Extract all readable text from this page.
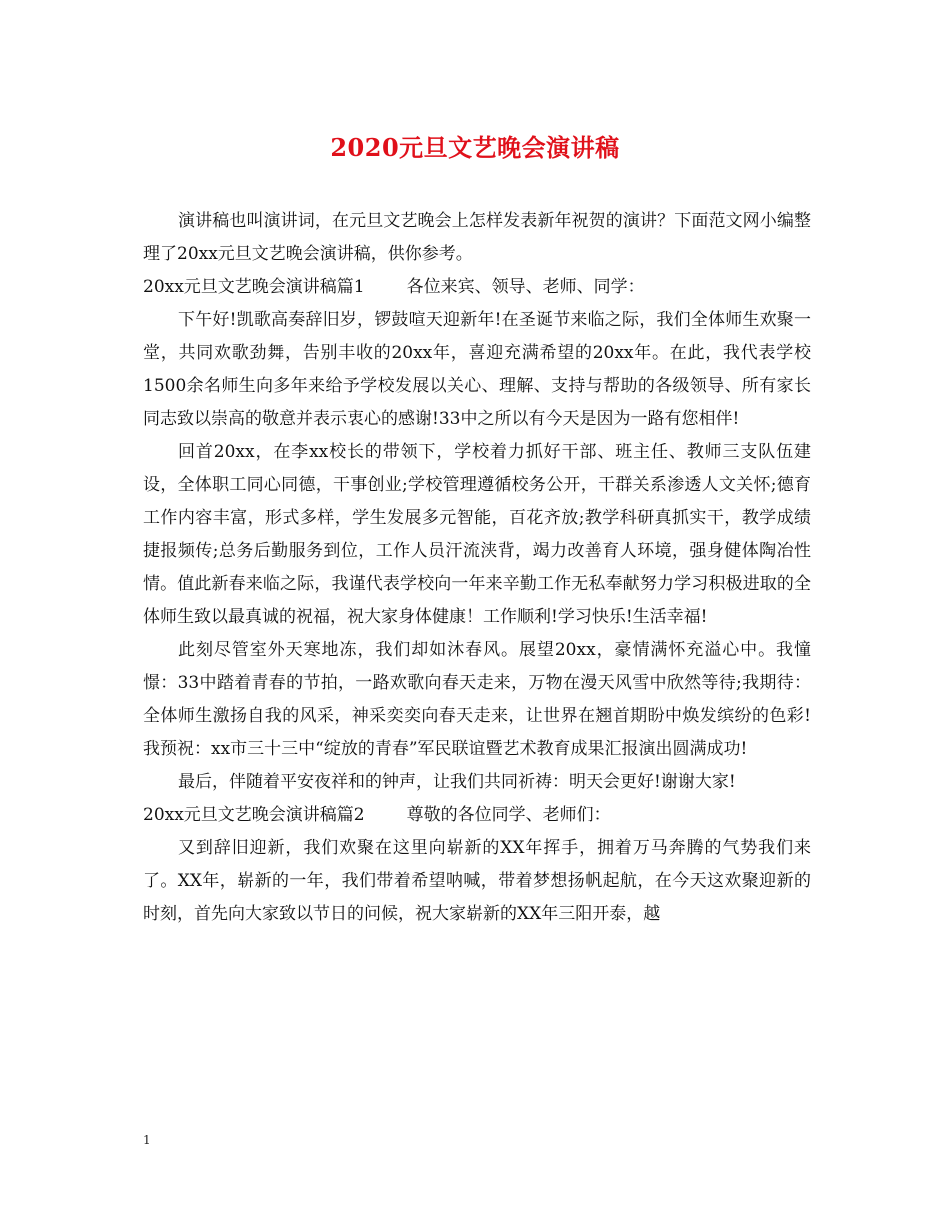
2020元旦文艺晚会演讲稿

演讲稿也叫演讲词，在元旦文艺晚会上怎样发表新年祝贺的演讲？下面范文网小编整理了20xx元旦文艺晚会演讲稿，供你参考。

20xx元旦文艺晚会演讲稿篇1 各位来宾、领导、老师、同学：

下午好!凯歌高奏辞旧岁，锣鼓喧天迎新年!在圣诞节来临之际，我们全体师生欢聚一堂，共同欢歌劲舞，告别丰收的20xx年，喜迎充满希望的20xx年。在此，我代表学校1500余名师生向多年来给予学校发展以关心、理解、支持与帮助的各级领导、所有家长同志致以崇高的敬意并表示衷心的感谢!33中之所以有今天是因为一路有您相伴!

回首20xx，在李xx校长的带领下，学校着力抓好干部、班主任、教师三支队伍建设，全体职工同心同德，干事创业;学校管理遵循校务公开，干群关系渗透人文关怀;德育工作内容丰富，形式多样，学生发展多元智能，百花齐放;教学科研真抓实干，教学成绩捷报频传;总务后勤服务到位，工作人员汗流浃背，竭力改善育人环境，强身健体陶冶性情。值此新春来临之际，我谨代表学校向一年来辛勤工作无私奉献努力学习积极进取的全体师生致以最真诚的祝福，祝大家身体健康！工作顺利!学习快乐!生活幸福!

此刻尽管室外天寒地冻，我们却如沐春风。展望20xx，豪情满怀充溢心中。我憧憬：33中踏着青春的节拍，一路欢歌向春天走来，万物在漫天风雪中欣然等待;我期待：全体师生激扬自我的风采，神采奕奕向春天走来，让世界在翘首期盼中焕发缤纷的色彩!我预祝：xx市三十三中“绽放的青春”军民联谊暨艺术教育成果汇报演出圆满成功!

最后，伴随着平安夜祥和的钟声，让我们共同祈祷：明天会更好!谢谢大家!

20xx元旦文艺晚会演讲稿篇2 尊敬的各位同学、老师们：

又到辞旧迎新，我们欢聚在这里向崭新的XX年挥手，拥着万马奔腾的气势我们来了。XX年，崭新的一年，我们带着希望呐喊，带着梦想扬帆起航，在今天这欢聚迎新的时刻，首先向大家致以节日的问候，祝大家崭新的XX年三阳开泰，越

1
